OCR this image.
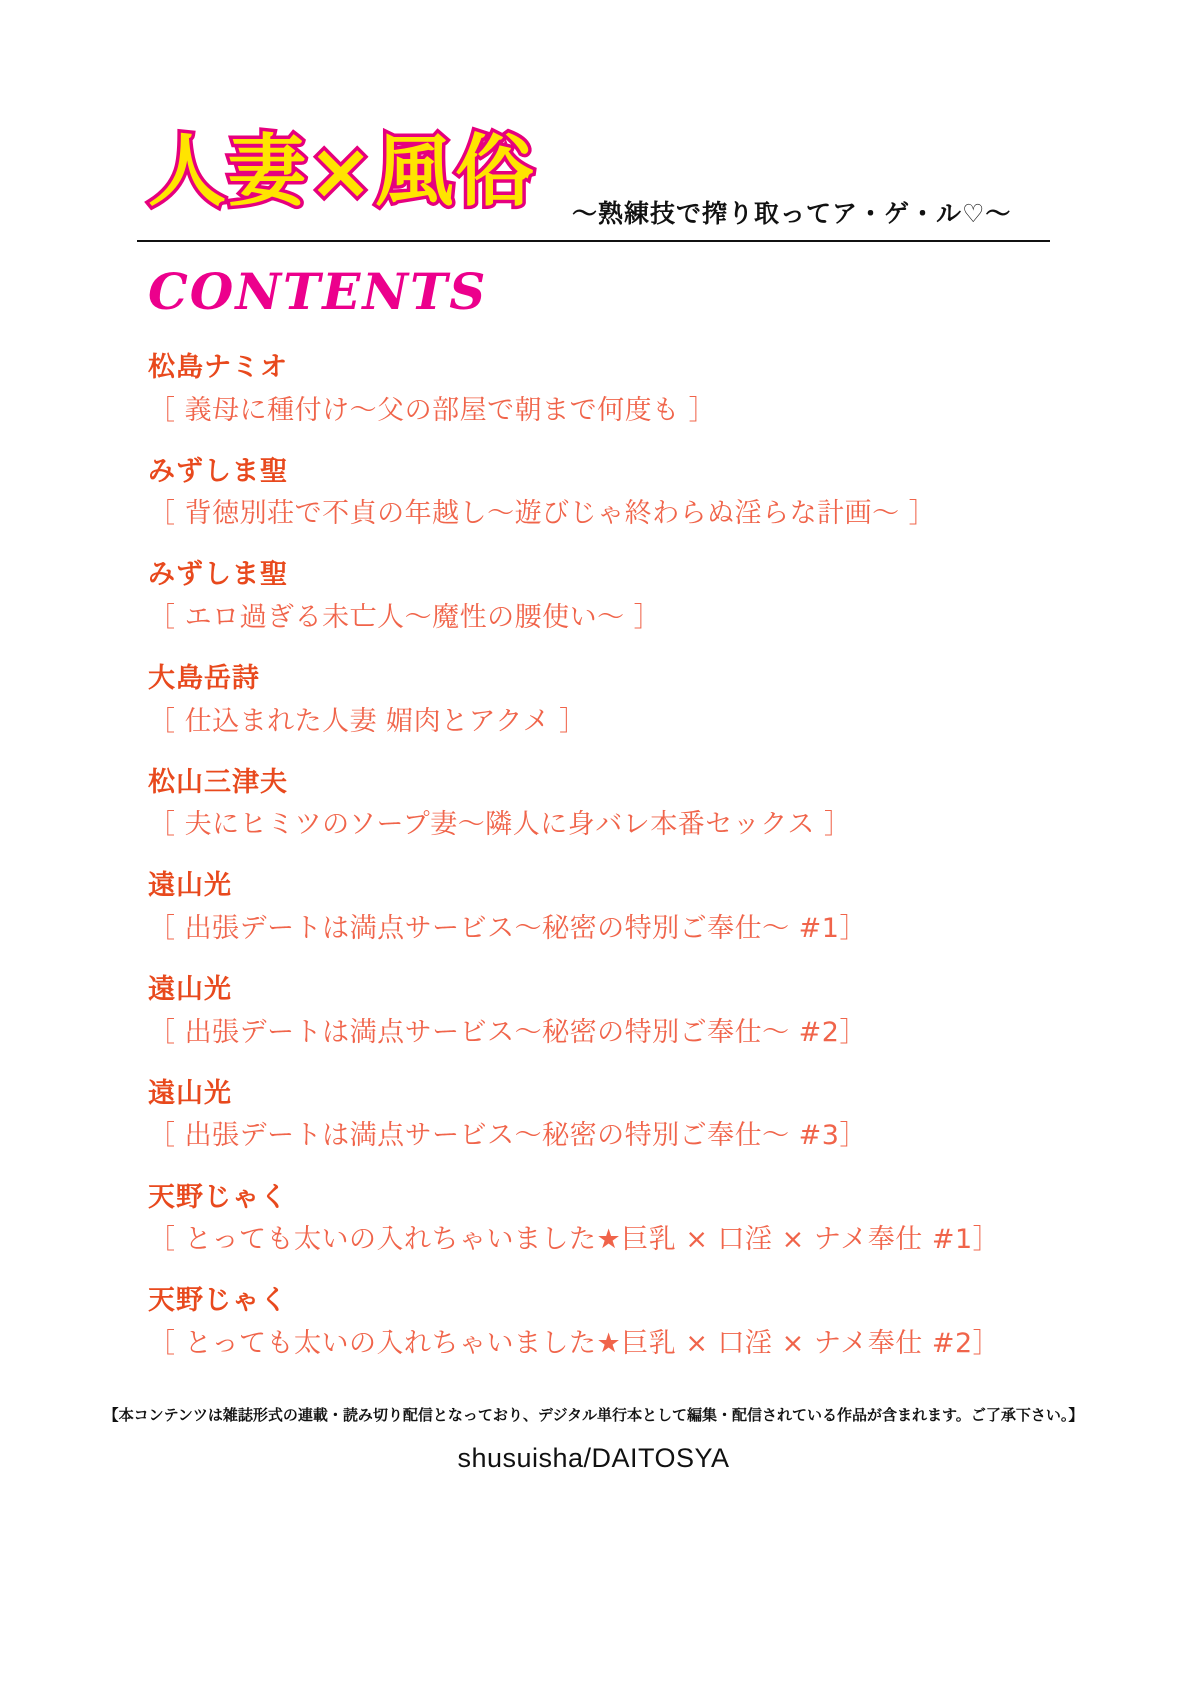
人妻×風俗 〜熟練技で搾り取ってア・ゲ・ル♡〜
CONTENTS
松島ナミオ
［ 義母に種付け〜父の部屋で朝まで何度も ］
みずしま聖
［ 背徳別荘で不貞の年越し〜遊びじゃ終わらぬ淫らな計画〜 ］
みずしま聖
［ エロ過ぎる未亡人〜魔性の腰使い〜 ］
大島岳詩
［ 仕込まれた人妻 媚肉とアクメ ］
松山三津夫
［ 夫にヒミツのソープ妻〜隣人に身バレ本番セックス ］
遠山光
［ 出張デートは満点サービス〜秘密の特別ご奉仕〜 #1］
遠山光
［ 出張デートは満点サービス〜秘密の特別ご奉仕〜 #2］
遠山光
［ 出張デートは満点サービス〜秘密の特別ご奉仕〜 #3］
天野じゃく
［ とっても太いの入れちゃいました★巨乳 × 口淫 × ナメ奉仕 #1］
天野じゃく
［ とっても太いの入れちゃいました★巨乳 × 口淫 × ナメ奉仕 #2］
【本コンテンツは雑誌形式の連載・読み切り配信となっており、デジタル単行本として編集・配信されている作品が含まれます。ご了承下さい。】
shusuisha/DAITOSYA
